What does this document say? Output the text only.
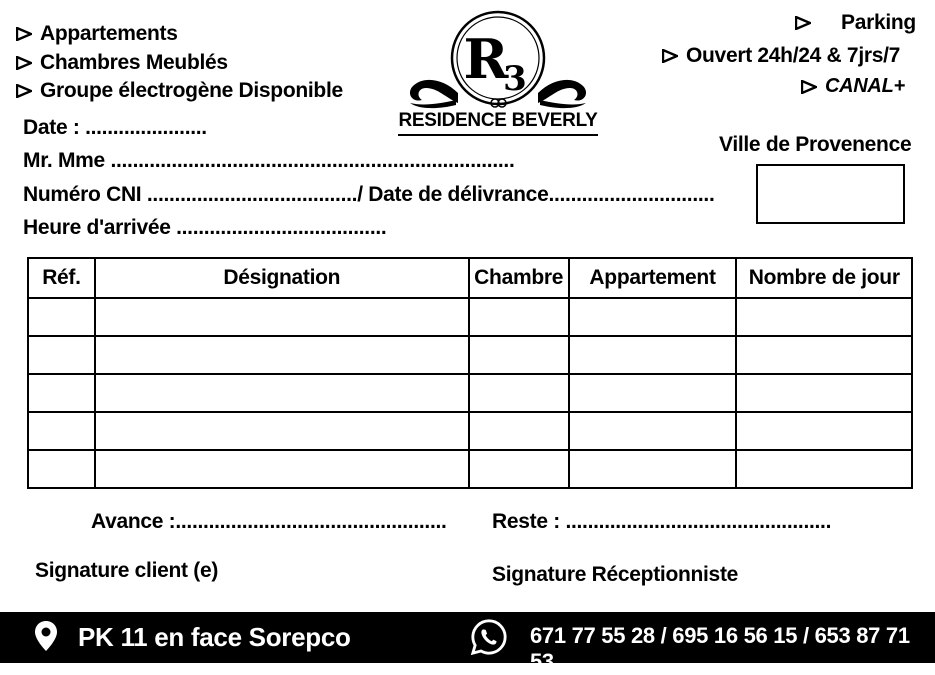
Appartements
Chambres Meublés
Groupe électrogène Disponible
Parking
Ouvert 24h/24 & 7jrs/7
CANAL+
R
3
RESIDENCE BEVERLY
Ville de Provenence
Date : ......................
Mr. Mme .........................................................................
Numéro CNI ....................................../ Date de délivrance..............................
Heure d'arrivée ......................................
Réf.	Désignation	Chambre	Appartement	Nombre de jour

Avance :................................................. Reste : ................................................
Signature client (e)	Signature Réceptionniste
PK 11 en face Sorepco	671 77 55 28 / 695 16 56 15 / 653 87 71 53
